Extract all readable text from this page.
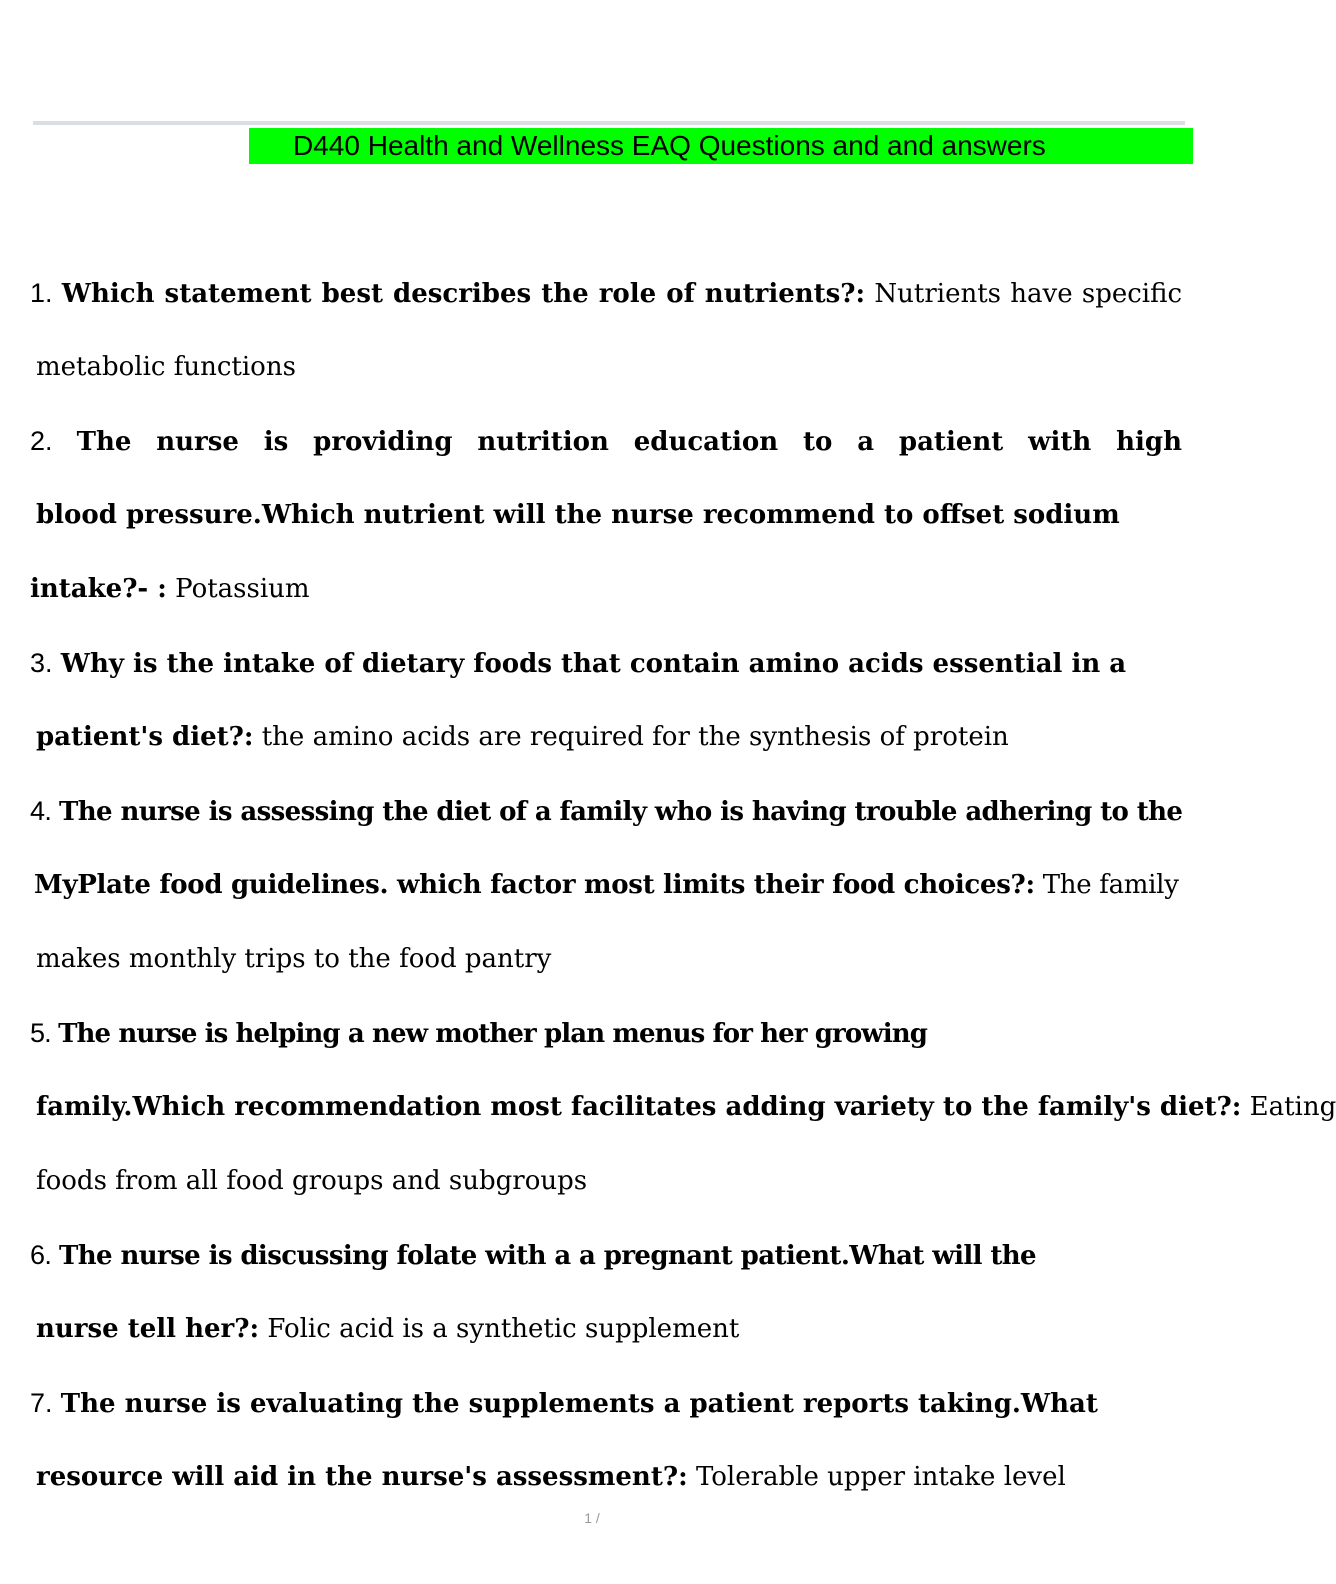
D440 Health and Wellness EAQ Questions and and answers
1. Which statement best describes the role of nutrients?: Nutrients have specific
metabolic functions
2. The nurse is providing nutrition education to a patient with high
blood pressure.Which nutrient will the nurse recommend to offset sodium
intake?- : Potassium
3. Why is the intake of dietary foods that contain amino acids essential in a
patient's diet?: the amino acids are required for the synthesis of protein
4. The nurse is assessing the diet of a family who is having trouble adhering to the
MyPlate food guidelines. which factor most limits their food choices?: The family
makes monthly trips to the food pantry
5. The nurse is helping a new mother plan menus for her growing
family.Which recommendation most facilitates adding variety to the family's diet?: Eating
foods from all food groups and subgroups
6. The nurse is discussing folate with a a pregnant patient.What will the
nurse tell her?: Folic acid is a synthetic supplement
7. The nurse is evaluating the supplements a patient reports taking.What
resource will aid in the nurse's assessment?: Tolerable upper intake level
1 /
